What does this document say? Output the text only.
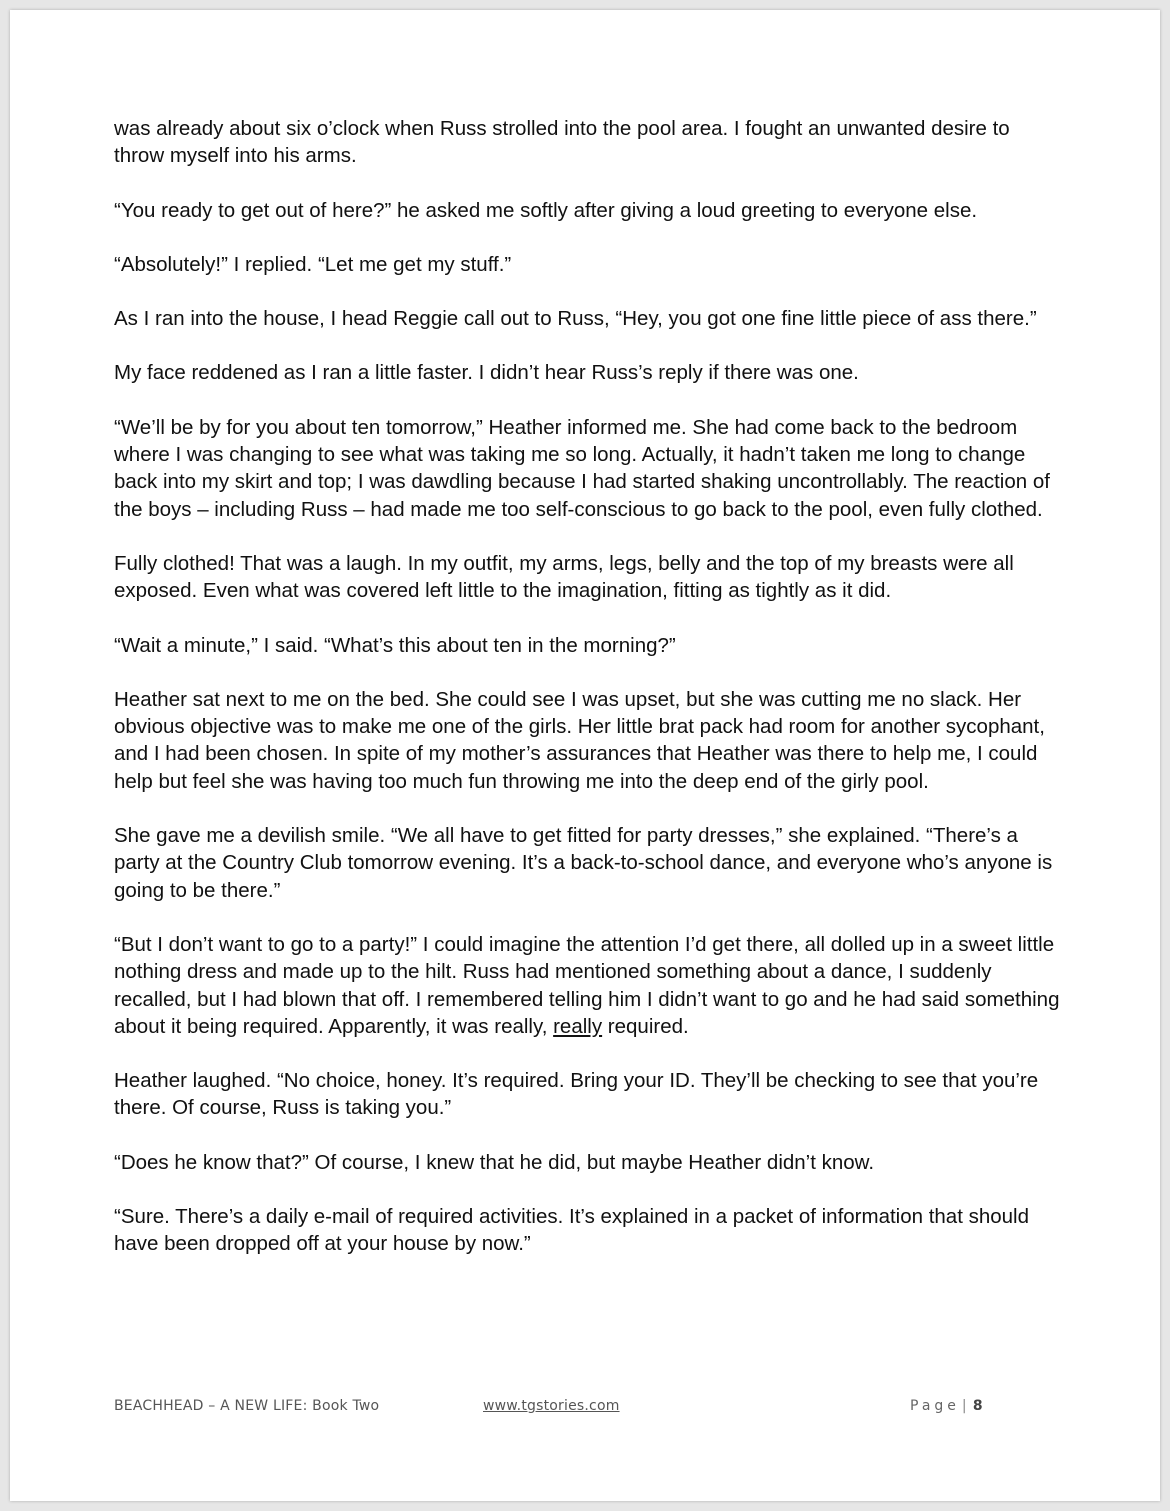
was already about six o’clock when Russ strolled into the pool area. I fought an unwanted desire to throw myself into his arms.

“You ready to get out of here?” he asked me softly after giving a loud greeting to everyone else.

“Absolutely!” I replied. “Let me get my stuff.”

As I ran into the house, I head Reggie call out to Russ, “Hey, you got one fine little piece of ass there.”

My face reddened as I ran a little faster. I didn’t hear Russ’s reply if there was one.

“We’ll be by for you about ten tomorrow,” Heather informed me. She had come back to the bedroom where I was changing to see what was taking me so long. Actually, it hadn’t taken me long to change back into my skirt and top; I was dawdling because I had started shaking uncontrollably. The reaction of the boys – including Russ – had made me too self-conscious to go back to the pool, even fully clothed.

Fully clothed! That was a laugh. In my outfit, my arms, legs, belly and the top of my breasts were all exposed. Even what was covered left little to the imagination, fitting as tightly as it did.

“Wait a minute,” I said. “What’s this about ten in the morning?”

Heather sat next to me on the bed. She could see I was upset, but she was cutting me no slack. Her obvious objective was to make me one of the girls. Her little brat pack had room for another sycophant, and I had been chosen. In spite of my mother’s assurances that Heather was there to help me, I could help but feel she was having too much fun throwing me into the deep end of the girly pool.

She gave me a devilish smile. “We all have to get fitted for party dresses,” she explained. “There’s a party at the Country Club tomorrow evening. It’s a back-to-school dance, and everyone who’s anyone is going to be there.”

“But I don’t want to go to a party!” I could imagine the attention I’d get there, all dolled up in a sweet little nothing dress and made up to the hilt. Russ had mentioned something about a dance, I suddenly recalled, but I had blown that off. I remembered telling him I didn’t want to go and he had said something about it being required. Apparently, it was really, really required.

Heather laughed. “No choice, honey. It’s required. Bring your ID. They’ll be checking to see that you’re there. Of course, Russ is taking you.”

“Does he know that?” Of course, I knew that he did, but maybe Heather didn’t know.

“Sure. There’s a daily e-mail of required activities. It’s explained in a packet of information that should have been dropped off at your house by now.”

BEACHHEAD – A NEW LIFE: Book Two	www.tgstories.com	Page | 8
